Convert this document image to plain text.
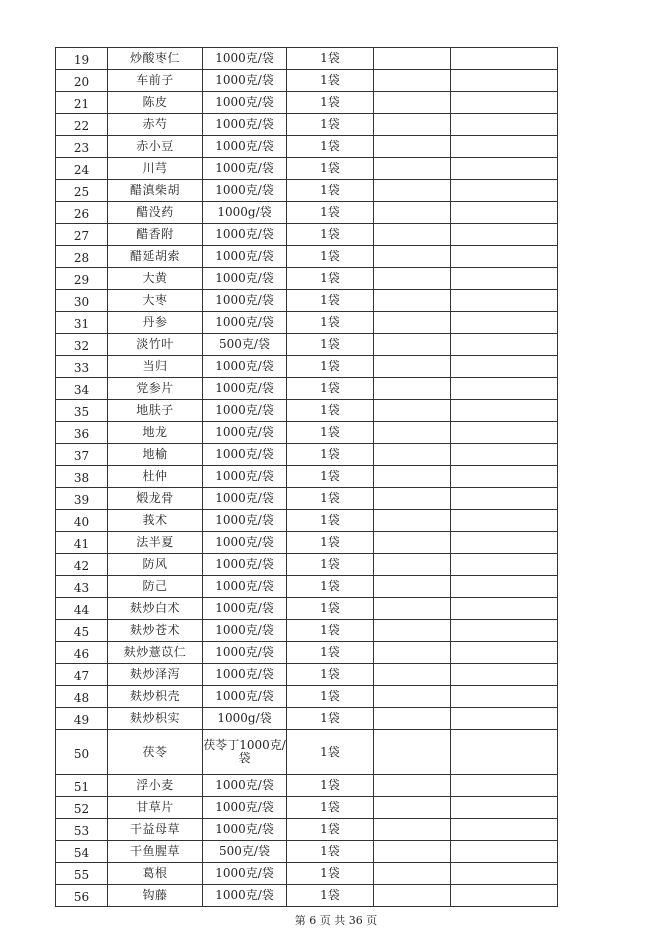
19	炒酸枣仁	1000克/袋	1袋		
20	车前子	1000克/袋	1袋		
21	陈皮	1000克/袋	1袋		
22	赤芍	1000克/袋	1袋		
23	赤小豆	1000克/袋	1袋		
24	川芎	1000克/袋	1袋		
25	醋滇柴胡	1000克/袋	1袋		
26	醋没药	1000g/袋	1袋		
27	醋香附	1000克/袋	1袋		
28	醋延胡索	1000克/袋	1袋		
29	大黄	1000克/袋	1袋		
30	大枣	1000克/袋	1袋		
31	丹参	1000克/袋	1袋		
32	淡竹叶	500克/袋	1袋		
33	当归	1000克/袋	1袋		
34	党参片	1000克/袋	1袋		
35	地肤子	1000克/袋	1袋		
36	地龙	1000克/袋	1袋		
37	地榆	1000克/袋	1袋		
38	杜仲	1000克/袋	1袋		
39	煅龙骨	1000克/袋	1袋		
40	莪术	1000克/袋	1袋		
41	法半夏	1000克/袋	1袋		
42	防风	1000克/袋	1袋		
43	防己	1000克/袋	1袋		
44	麸炒白术	1000克/袋	1袋		
45	麸炒苍术	1000克/袋	1袋		
46	麸炒薏苡仁	1000克/袋	1袋		
47	麸炒泽泻	1000克/袋	1袋		
48	麸炒枳壳	1000克/袋	1袋		
49	麸炒枳实	1000g/袋	1袋		
50	茯苓	茯苓丁1000克/袋	1袋		
51	浮小麦	1000克/袋	1袋		
52	甘草片	1000克/袋	1袋		
53	干益母草	1000克/袋	1袋		
54	干鱼腥草	500克/袋	1袋		
55	葛根	1000克/袋	1袋		
56	钩藤	1000克/袋	1袋		
第 6 页 共 36 页
